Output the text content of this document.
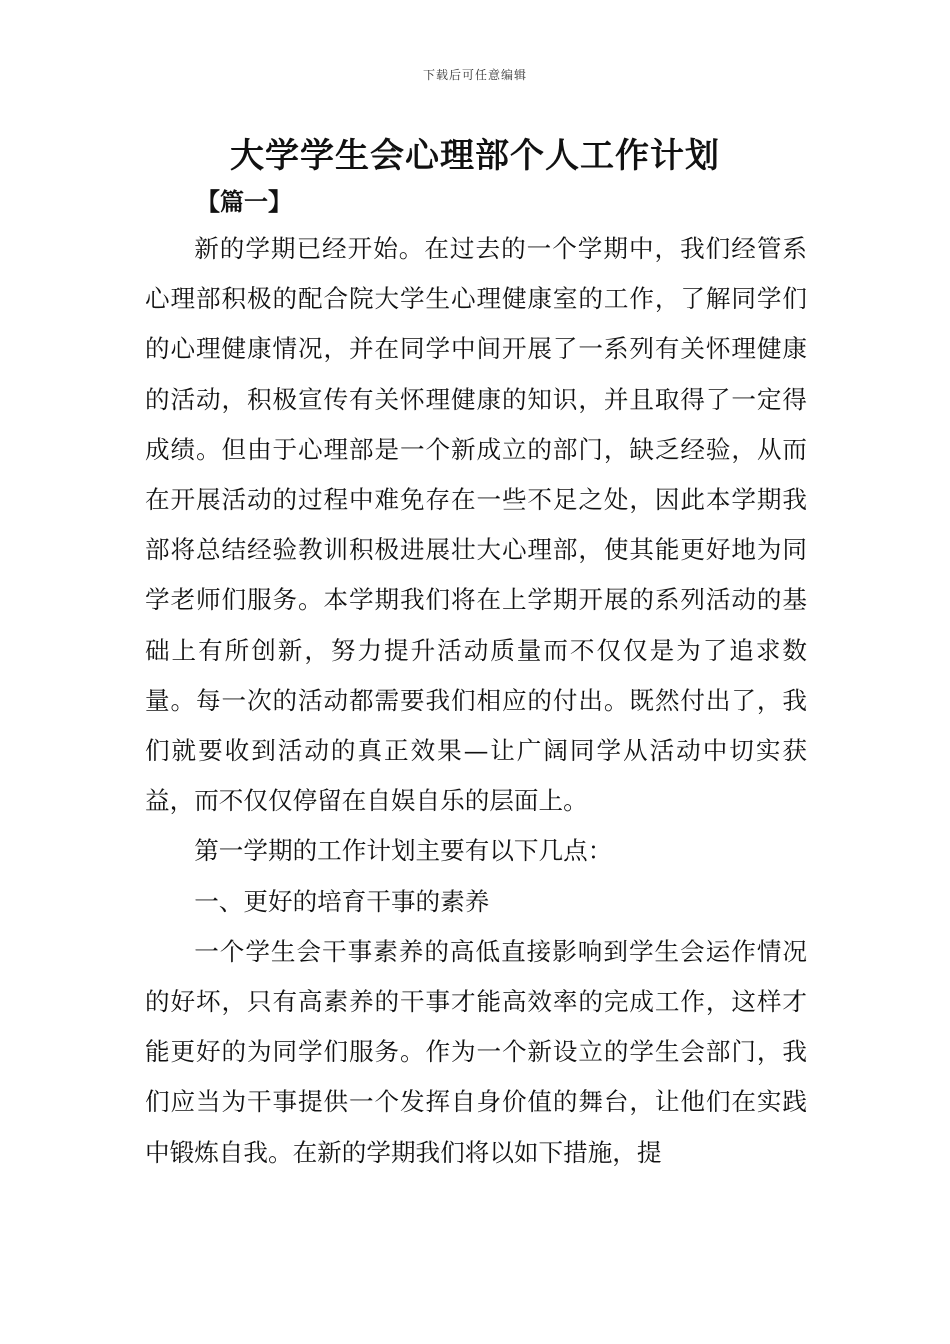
下载后可任意编辑
大学学生会心理部个人工作计划
【篇一】

新的学期已经开始。在过去的一个学期中，我们经管系心理部积极的配合院大学生心理健康室的工作，了解同学们的心理健康情况，并在同学中间开展了一系列有关怀理健康的活动，积极宣传有关怀理健康的知识，并且取得了一定得成绩。但由于心理部是一个新成立的部门，缺乏经验，从而在开展活动的过程中难免存在一些不足之处，因此本学期我部将总结经验教训积极进展壮大心理部，使其能更好地为同学老师们服务。本学期我们将在上学期开展的系列活动的基础上有所创新，努力提升活动质量而不仅仅是为了追求数量。每一次的活动都需要我们相应的付出。既然付出了，我们就要收到活动的真正效果—让广阔同学从活动中切实获益，而不仅仅停留在自娱自乐的层面上。

第一学期的工作计划主要有以下几点：

一、更好的培育干事的素养

一个学生会干事素养的高低直接影响到学生会运作情况的好坏，只有高素养的干事才能高效率的完成工作，这样才能更好的为同学们服务。作为一个新设立的学生会部门，我们应当为干事提供一个发挥自身价值的舞台，让他们在实践中锻炼自我。在新的学期我们将以如下措施，提
